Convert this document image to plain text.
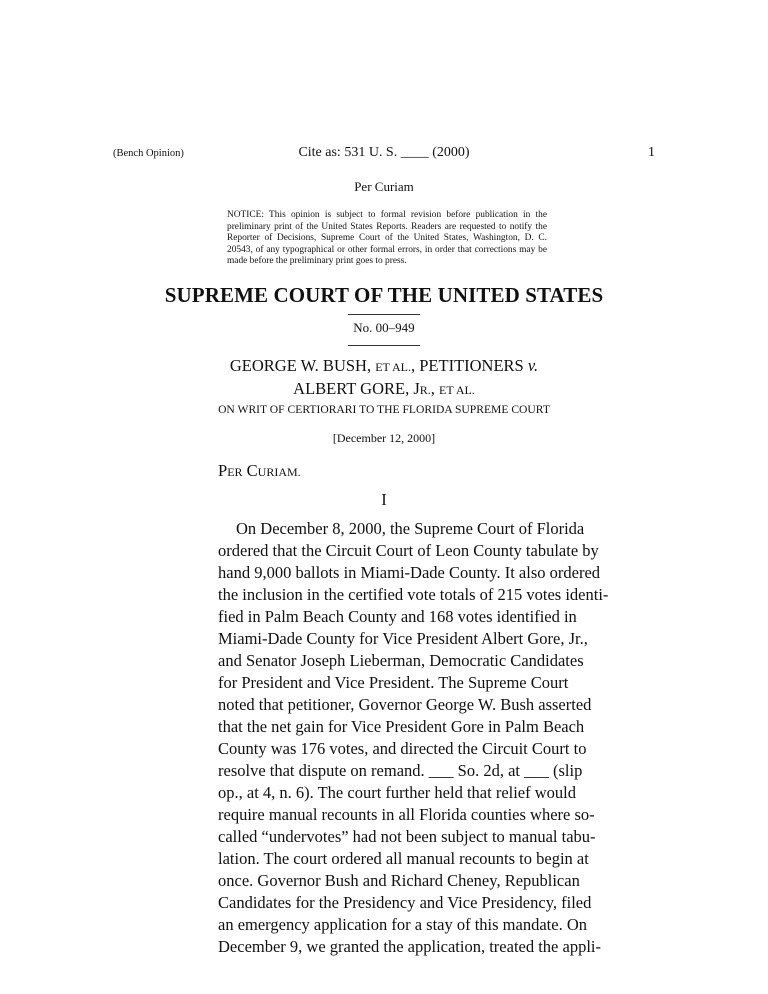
(Bench Opinion)	Cite as: 531 U. S. ____ (2000)	1
Per Curiam
NOTICE: This opinion is subject to formal revision before publication in the preliminary print of the United States Reports. Readers are requested to notify the Reporter of Decisions, Supreme Court of the United States, Washington, D. C. 20543, of any typographical or other formal errors, in order that corrections may be made before the preliminary print goes to press.
SUPREME COURT OF THE UNITED STATES
No. 00–949
GEORGE W. BUSH, ET AL., PETITIONERS v.
ALBERT GORE, JR., ET AL.
ON WRIT OF CERTIORARI TO THE FLORIDA SUPREME COURT
[December 12, 2000]
PER CURIAM.
I
On December 8, 2000, the Supreme Court of Florida
ordered that the Circuit Court of Leon County tabulate by
hand 9,000 ballots in Miami-Dade County. It also ordered
the inclusion in the certified vote totals of 215 votes identi-
fied in Palm Beach County and 168 votes identified in
Miami-Dade County for Vice President Albert Gore, Jr.,
and Senator Joseph Lieberman, Democratic Candidates
for President and Vice President. The Supreme Court
noted that petitioner, Governor George W. Bush asserted
that the net gain for Vice President Gore in Palm Beach
County was 176 votes, and directed the Circuit Court to
resolve that dispute on remand. ___ So. 2d, at ___ (slip
op., at 4, n. 6). The court further held that relief would
require manual recounts in all Florida counties where so-
called “undervotes” had not been subject to manual tabu-
lation. The court ordered all manual recounts to begin at
once. Governor Bush and Richard Cheney, Republican
Candidates for the Presidency and Vice Presidency, filed
an emergency application for a stay of this mandate. On
December 9, we granted the application, treated the appli-
